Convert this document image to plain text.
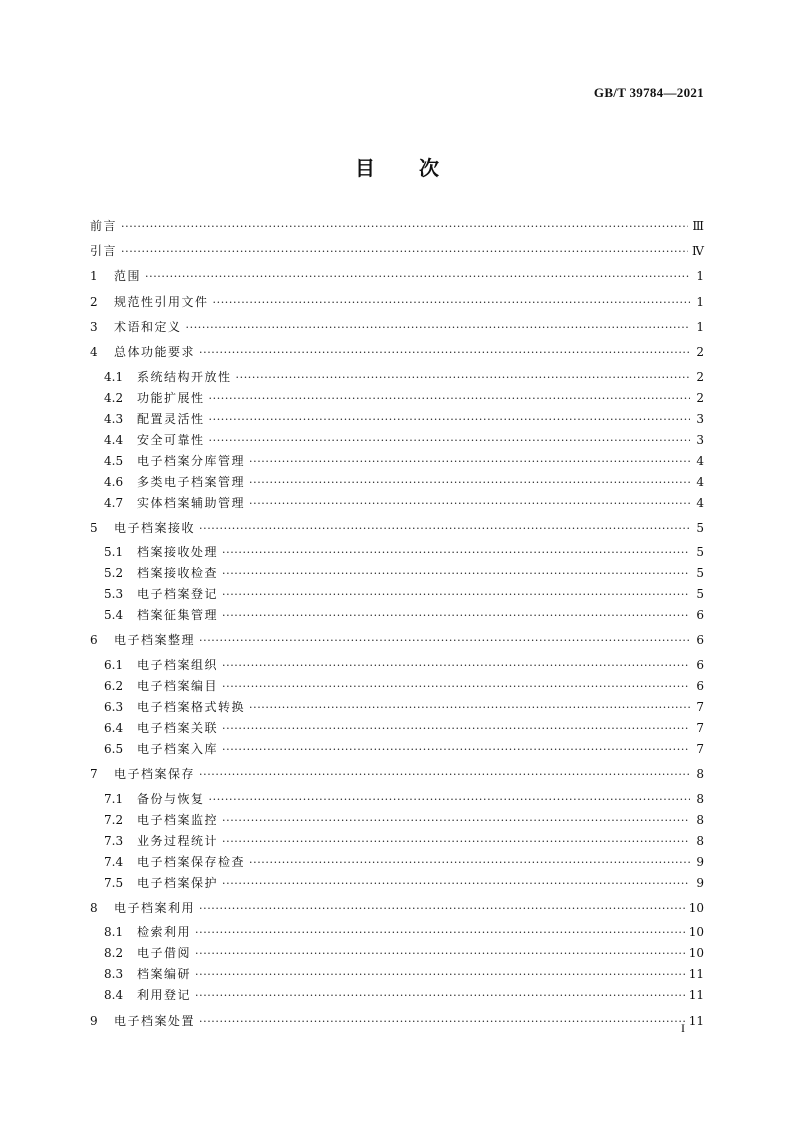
GB/T 39784—2021
目 次
前言 ·····	Ⅲ
引言 ·····	Ⅳ
1	范围 ·····	1
2	规范性引用文件 ·····	1
3	术语和定义 ·····	1
4	总体功能要求 ·····	2
4.1	系统结构开放性 ·····	2
4.2	功能扩展性 ·····	2
4.3	配置灵活性 ·····	3
4.4	安全可靠性 ·····	3
4.5	电子档案分库管理 ·····	4
4.6	多类电子档案管理 ·····	4
4.7	实体档案辅助管理 ·····	4
5	电子档案接收 ·····	5
5.1	档案接收处理 ·····	5
5.2	档案接收检查 ·····	5
5.3	电子档案登记 ·····	5
5.4	档案征集管理 ·····	6
6	电子档案整理 ·····	6
6.1	电子档案组织 ·····	6
6.2	电子档案编目 ·····	6
6.3	电子档案格式转换 ·····	7
6.4	电子档案关联 ·····	7
6.5	电子档案入库 ·····	7
7	电子档案保存 ·····	8
7.1	备份与恢复 ·····	8
7.2	电子档案监控 ·····	8
7.3	业务过程统计 ·····	8
7.4	电子档案保存检查 ·····	9
7.5	电子档案保护 ·····	9
8	电子档案利用 ·····	10
8.1	检索利用 ·····	10
8.2	电子借阅 ·····	10
8.3	档案编研 ·····	11
8.4	利用登记 ·····	11
9	电子档案处置 ·····	11
I
